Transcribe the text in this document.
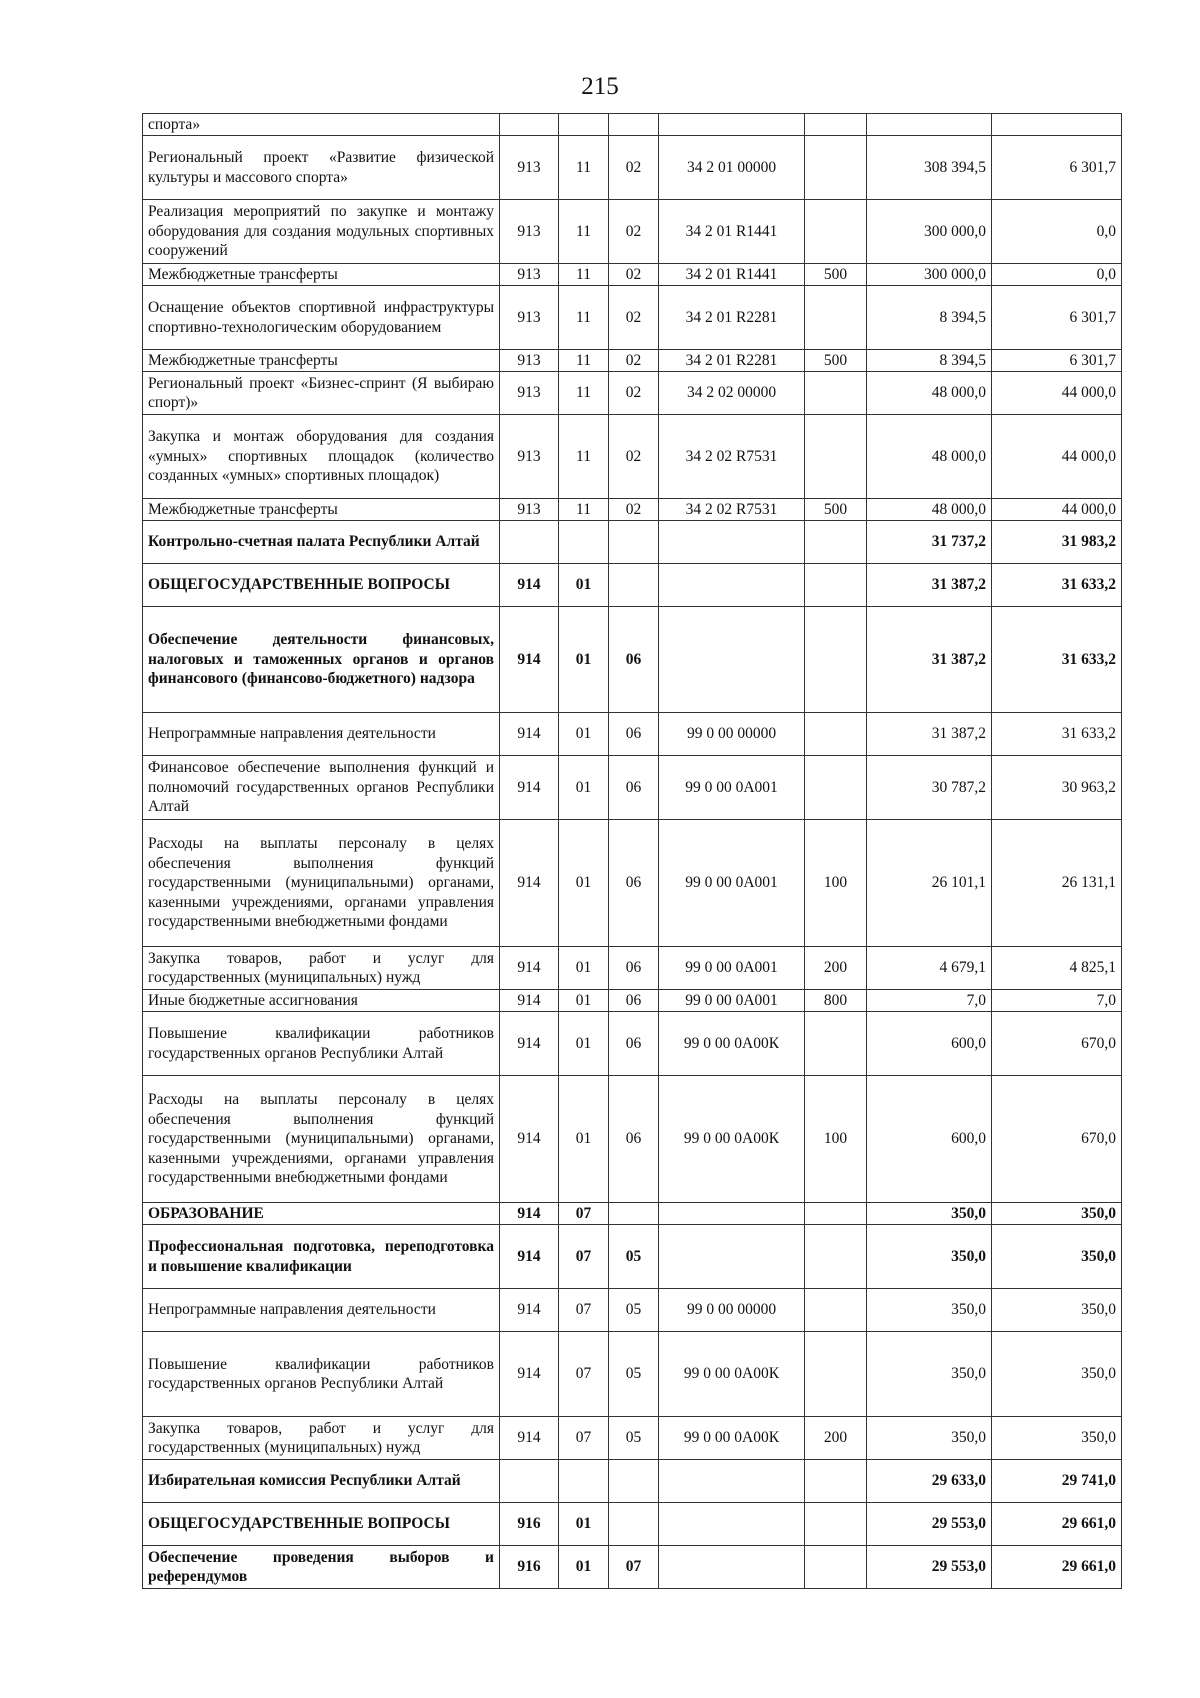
215
спорта»							
Региональный проект «Развитие физической культуры и массового спорта»	913	11	02	34 2 01 00000		308 394,5	6 301,7
Реализация мероприятий по закупке и монтажу оборудования для создания модульных спортивных сооружений	913	11	02	34 2 01 R1441		300 000,0	0,0
Межбюджетные трансферты	913	11	02	34 2 01 R1441	500	300 000,0	0,0
Оснащение объектов спортивной инфраструктуры спортивно-технологическим оборудованием	913	11	02	34 2 01 R2281		8 394,5	6 301,7
Межбюджетные трансферты	913	11	02	34 2 01 R2281	500	8 394,5	6 301,7
Региональный проект «Бизнес-спринт (Я выбираю спорт)»	913	11	02	34 2 02 00000		48 000,0	44 000,0
Закупка и монтаж оборудования для создания «умных» спортивных площадок (количество созданных «умных» спортивных площадок)	913	11	02	34 2 02 R7531		48 000,0	44 000,0
Межбюджетные трансферты	913	11	02	34 2 02 R7531	500	48 000,0	44 000,0
Контрольно-счетная палата Республики Алтай						31 737,2	31 983,2
ОБЩЕГОСУДАРСТВЕННЫЕ ВОПРОСЫ	914	01				31 387,2	31 633,2
Обеспечение деятельности финансовых, налоговых и таможенных органов и органов финансового (финансово-бюджетного) надзора	914	01	06			31 387,2	31 633,2
Непрограммные направления деятельности	914	01	06	99 0 00 00000		31 387,2	31 633,2
Финансовое обеспечение выполнения функций и полномочий государственных органов Республики Алтай	914	01	06	99 0 00 0А001		30 787,2	30 963,2
Расходы на выплаты персоналу в целях обеспечения выполнения функций государственными (муниципальными) органами, казенными учреждениями, органами управления государственными внебюджетными фондами	914	01	06	99 0 00 0А001	100	26 101,1	26 131,1
Закупка товаров, работ и услуг для государственных (муниципальных) нужд	914	01	06	99 0 00 0А001	200	4 679,1	4 825,1
Иные бюджетные ассигнования	914	01	06	99 0 00 0А001	800	7,0	7,0
Повышение квалификации работников государственных органов Республики Алтай	914	01	06	99 0 00 0А00К		600,0	670,0
Расходы на выплаты персоналу в целях обеспечения выполнения функций государственными (муниципальными) органами, казенными учреждениями, органами управления государственными внебюджетными фондами	914	01	06	99 0 00 0А00К	100	600,0	670,0
ОБРАЗОВАНИЕ	914	07				350,0	350,0
Профессиональная подготовка, переподготовка и повышение квалификации	914	07	05			350,0	350,0
Непрограммные направления деятельности	914	07	05	99 0 00 00000		350,0	350,0
Повышение квалификации работников государственных органов Республики Алтай	914	07	05	99 0 00 0А00К		350,0	350,0
Закупка товаров, работ и услуг для государственных (муниципальных) нужд	914	07	05	99 0 00 0А00К	200	350,0	350,0
Избирательная комиссия Республики Алтай						29 633,0	29 741,0
ОБЩЕГОСУДАРСТВЕННЫЕ ВОПРОСЫ	916	01				29 553,0	29 661,0
Обеспечение проведения выборов и референдумов	916	01	07			29 553,0	29 661,0
